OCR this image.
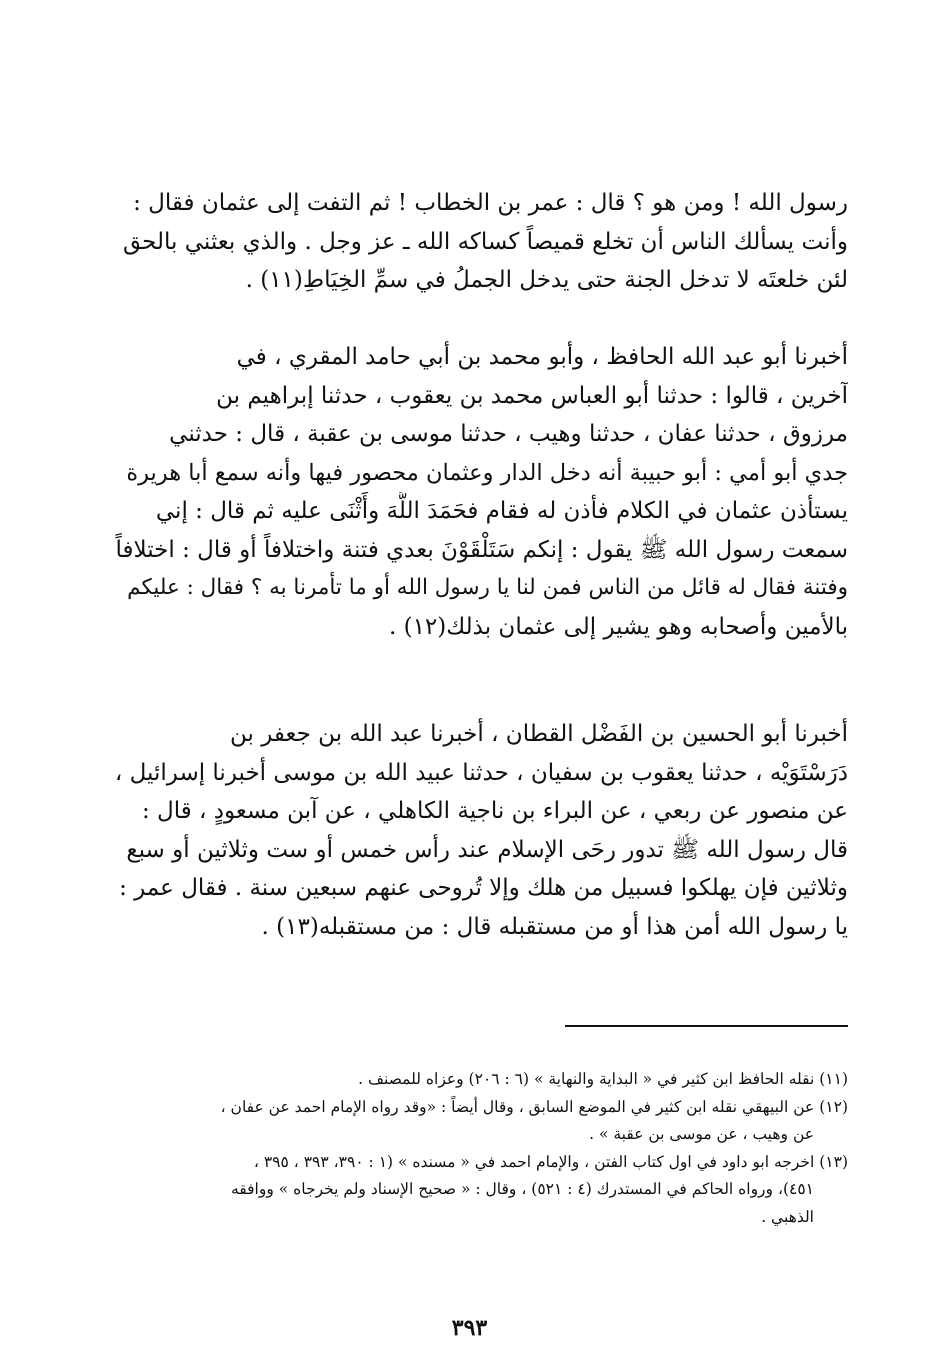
رسول الله ! ومن هو ؟ قال : عمر بن الخطاب ! ثم التفت إلى عثمان فقال :
وأنت يسألك الناس أن تخلع قميصاً كساكه الله ـ عز وجل . والذي بعثني بالحق
لئن خلعتَه لا تدخل الجنة حتى يدخل الجملُ في سمِّ الخِيَاطِ(١١) .
أخبرنا أبو عبد الله الحافظ ، وأبو محمد بن أبي حامد المقري ، في
آخرين ، قالوا : حدثنا أبو العباس محمد بن يعقوب ، حدثنا إبراهيم بن
مرزوق ، حدثنا عفان ، حدثنا وهيب ، حدثنا موسى بن عقبة ، قال : حدثني
جدي أبو أمي : أبو حبيبة أنه دخل الدار وعثمان محصور فيها وأنه سمع أبا هريرة
يستأذن عثمان في الكلام فأذن له فقام فحَمَدَ اللَّهَ وأَثْنَى عليه ثم قال : إني
سمعت رسول الله ﷺ يقول : إنكم سَتَلْقَوْنَ بعدي فتنة واختلافاً أو قال : اختلافاً
وفتنة فقال له قائل من الناس فمن لنا يا رسول الله أو ما تأمرنا به ؟ فقال : عليكم
بالأمين وأصحابه وهو يشير إلى عثمان بذلك(١٢) .
أخبرنا أبو الحسين بن الفَضْل القطان ، أخبرنا عبد الله بن جعفر بن
دَرَسْتَوَيْه ، حدثنا يعقوب بن سفيان ، حدثنا عبيد الله بن موسى أخبرنا إسرائيل ،
عن منصور عن ربعي ، عن البراء بن ناجية الكاهلي ، عن آبن مسعودٍ ، قال :
قال رسول الله ﷺ تدور رحَى الإسلام عند رأس خمس أو ست وثلاثين أو سبع
وثلاثين فإن يهلكوا فسبيل من هلك وإلا تُروحى عنهم سبعين سنة . فقال عمر :
يا رسول الله أمن هذا أو من مستقبله قال : من مستقبله(١٣) .
(١١) نقله الحافظ ابن كثير في « البداية والنهاية » (٦ : ٢٠٦) وعزاه للمصنف .
(١٢) عن البيهقي نقله ابن كثير في الموضع السابق ، وقال أيضاً : «وقد رواه الإمام احمد عن عفان ،
عن وهيب ، عن موسى بن عقبة » .
(١٣) اخرجه ابو داود في اول كتاب الفتن ، والإمام احمد في « مسنده » (١ : ٣٩٠، ٣٩٣ ، ٣٩٥ ،
٤٥١)، ورواه الحاكم في المستدرك (٤ : ٥٢١) ، وقال : « صحيح الإسناد ولم يخرجاه » ووافقه
الذهبي .
٣٩٣
